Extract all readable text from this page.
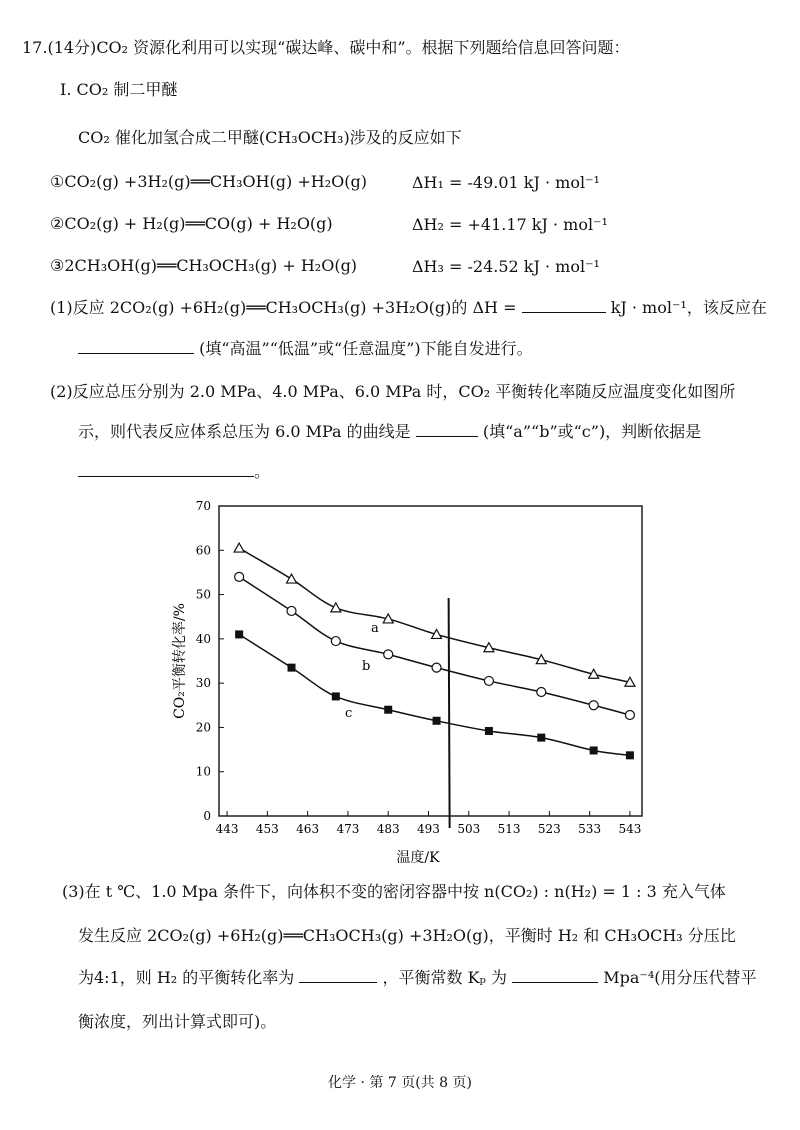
17.(14分)CO₂ 资源化利用可以实现“碳达峰、碳中和”。根据下列题给信息回答问题：
Ⅰ. CO₂ 制二甲醚
CO₂ 催化加氢合成二甲醚(CH₃OCH₃)涉及的反应如下
①CO₂(g) +3H₂(g)══CH₃OH(g) +H₂O(g)	ΔH₁ = -49.01 kJ · mol⁻¹
②CO₂(g) + H₂(g)══CO(g) + H₂O(g)	ΔH₂ = +41.17 kJ · mol⁻¹
③2CH₃OH(g)══CH₃OCH₃(g) + H₂O(g)	ΔH₃ = -24.52 kJ · mol⁻¹
(1)反应 2CO₂(g) +6H₂(g)══CH₃OCH₃(g) +3H₂O(g)的 ΔH =	kJ · mol⁻¹，该反应在
(填“高温”“低温”或“任意温度”)下能自发进行。
(2)反应总压分别为 2.0 MPa、4.0 MPa、6.0 MPa 时，CO₂ 平衡转化率随反应温度变化如图所
示，则代表反应体系总压为 6.0 MPa 的曲线是	(填“a”“b”或“c”)，判断依据是
。
443 453 463 473 483 493 503 513 523 533 543
0
10
20
30
40
50
60
70
温度/K
CO₂平衡转化率/%	a
b
c
(3)在 t ℃、1.0 Mpa 条件下，向体积不变的密闭容器中按 n(CO₂) : n(H₂) = 1 : 3 充入气体
发生反应 2CO₂(g) +6H₂(g)══CH₃OCH₃(g) +3H₂O(g)，平衡时 H₂ 和 CH₃OCH₃ 分压比
为4:1，则 H₂ 的平衡转化率为	，平衡常数 Kₚ 为	Mpa⁻⁴(用分压代替平
衡浓度，列出计算式即可)。
化学 · 第 7 页(共 8 页)
